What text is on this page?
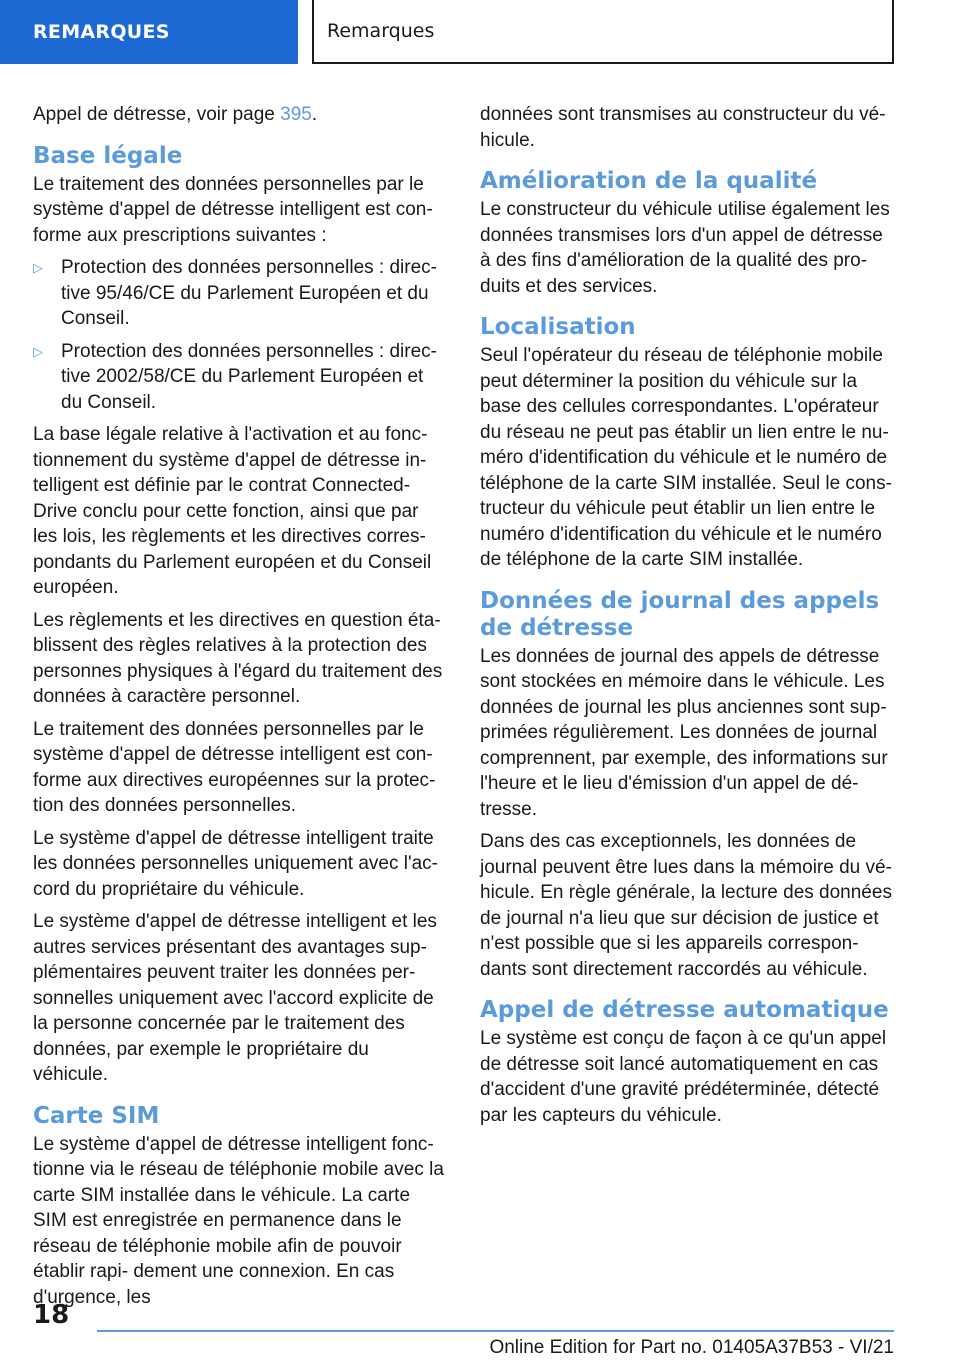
REMARQUES	Remarques

Appel de détresse, voir page 395.

Base légale

Le traitement des données personnelles par le système d'appel de détresse intelligent est con- forme aux prescriptions suivantes :

▷ Protection des données personnelles : direc- tive 95/46/CE du Parlement Européen et du Conseil.
▷ Protection des données personnelles : direc- tive 2002/58/CE du Parlement Européen et du Conseil.

La base légale relative à l'activation et au fonc- tionnement du système d'appel de détresse in- telligent est définie par le contrat Connected- Drive conclu pour cette fonction, ainsi que par les lois, les règlements et les directives corres- pondants du Parlement européen et du Conseil européen.

Les règlements et les directives en question éta- blissent des règles relatives à la protection des personnes physiques à l'égard du traitement des données à caractère personnel.

Le traitement des données personnelles par le système d'appel de détresse intelligent est con- forme aux directives européennes sur la protec- tion des données personnelles.

Le système d'appel de détresse intelligent traite les données personnelles uniquement avec l'ac- cord du propriétaire du véhicule.

Le système d'appel de détresse intelligent et les autres services présentant des avantages sup- plémentaires peuvent traiter les données per- sonnelles uniquement avec l'accord explicite de la personne concernée par le traitement des données, par exemple le propriétaire du véhicule.

Carte SIM

Le système d'appel de détresse intelligent fonc- tionne via le réseau de téléphonie mobile avec la carte SIM installée dans le véhicule. La carte SIM est enregistrée en permanence dans le réseau de téléphonie mobile afin de pouvoir établir rapi- dement une connexion. En cas d'urgence, les

données sont transmises au constructeur du vé- hicule.

Amélioration de la qualité

Le constructeur du véhicule utilise également les données transmises lors d'un appel de détresse à des fins d'amélioration de la qualité des pro- duits et des services.

Localisation

Seul l'opérateur du réseau de téléphonie mobile peut déterminer la position du véhicule sur la base des cellules correspondantes. L'opérateur du réseau ne peut pas établir un lien entre le nu- méro d'identification du véhicule et le numéro de téléphone de la carte SIM installée. Seul le cons- tructeur du véhicule peut établir un lien entre le numéro d'identification du véhicule et le numéro de téléphone de la carte SIM installée.

Données de journal des appels de détresse

Les données de journal des appels de détresse sont stockées en mémoire dans le véhicule. Les données de journal les plus anciennes sont sup- primées régulièrement. Les données de journal comprennent, par exemple, des informations sur l'heure et le lieu d'émission d'un appel de dé- tresse.

Dans des cas exceptionnels, les données de journal peuvent être lues dans la mémoire du vé- hicule. En règle générale, la lecture des données de journal n'a lieu que sur décision de justice et n'est possible que si les appareils correspon- dants sont directement raccordés au véhicule.

Appel de détresse automatique

Le système est conçu de façon à ce qu'un appel de détresse soit lancé automatiquement en cas d'accident d'une gravité prédéterminée, détecté par les capteurs du véhicule.

18
Online Edition for Part no. 01405A37B53 - VI/21
